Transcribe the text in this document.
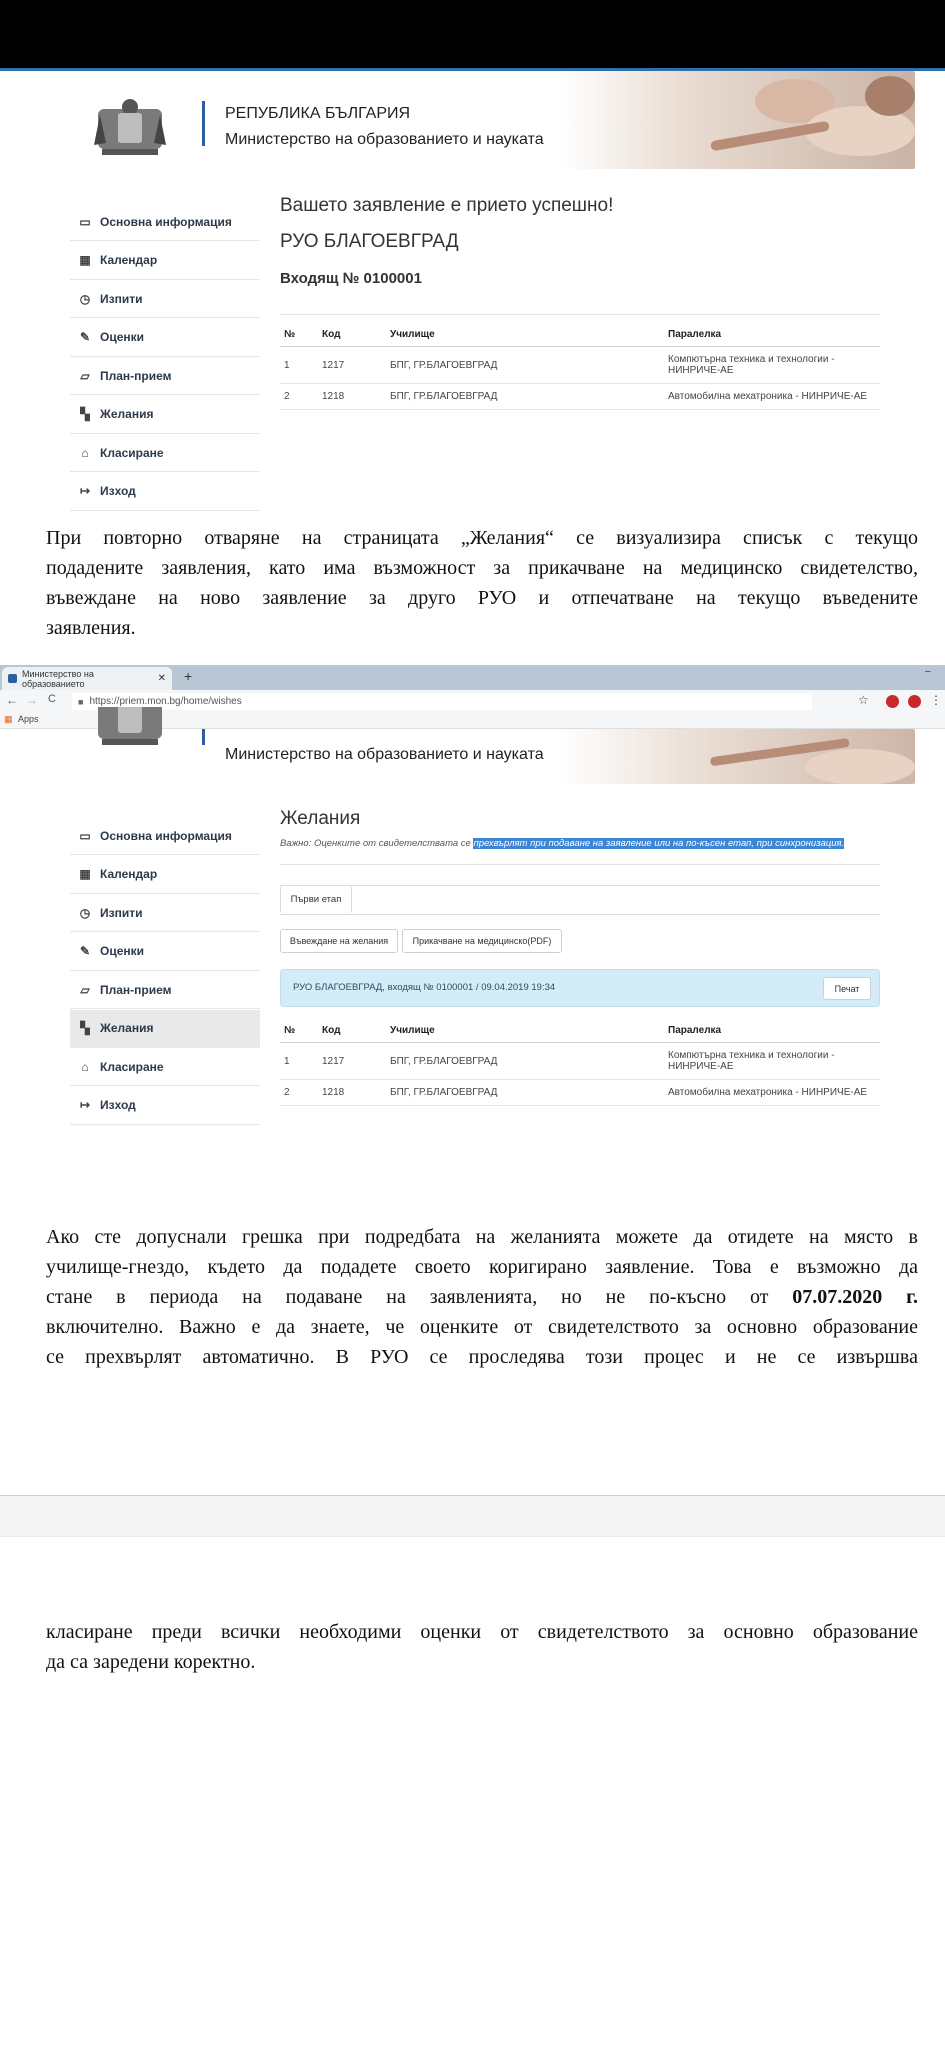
РЕПУБЛИКА БЪЛГАРИЯ
Министерство на образованието и науката
▭ Основна информация
▦ Календар
◷ Изпити
✎ Оценки
▱ План-прием
▚ Желания
⌂ Класиране
↦ Изход
Вашето заявление е прието успешно!
РУО БЛАГОЕВГРАД
Входящ № 0100001
№	Код	Училище	Паралелка
1	1217	БПГ, ГР.БЛАГОЕВГРАД	Компютърна техника и технологии - НИНРИЧЕ-АЕ
2	1218	БПГ, ГР.БЛАГОЕВГРАД	Автомобилна мехатроника - НИНРИЧЕ-АЕ
При повторно отваряне на страницата „Желания“ се визуализира списък с текущо
подадените заявления, като има възможност за прикачване на медицинско свидетелство,
въвеждане на ново заявление за друго РУО и отпечатване на текущо въведените
заявления.
Министерство на образованието	✕ +	–
← → C ■ https://priem.mon.bg/home/wishes	☆	⋮
▦ Apps
Министерство на образованието и науката
▭ Основна информация
▦ Календар
◷ Изпити
✎ Оценки
▱ План-прием
▚ Желания
⌂ Класиране
↦ Изход
Желания
Важно: Оценките от свидетелствата се прехвърлят при подаване на заявление или на по-късен етап, при синхронизация.
Първи етап
Въвеждане на желания	Прикачване на медицинско(PDF)
РУО БЛАГОЕВГРАД, входящ № 0100001 / 09.04.2019 19:34	Печат
№	Код	Училище	Паралелка
1	1217	БПГ, ГР.БЛАГОЕВГРАД	Компютърна техника и технологии - НИНРИЧЕ-АЕ
2	1218	БПГ, ГР.БЛАГОЕВГРАД	Автомобилна мехатроника - НИНРИЧЕ-АЕ
Ако сте допуснали грешка при подредбата на желанията можете да отидете на място в
училище-гнездо, където да подадете своето коригирано заявление. Това е възможно да
стане в периода на подаване на заявленията, но не по-късно от 07.07.2020 г.
включително. Важно е да знаете, че оценките от свидетелството за основно образование
се прехвърлят автоматично. В РУО се проследява този процес и не се извършва
класиране преди всички необходими оценки от свидетелството за основно образование
да са заредени коректно.
